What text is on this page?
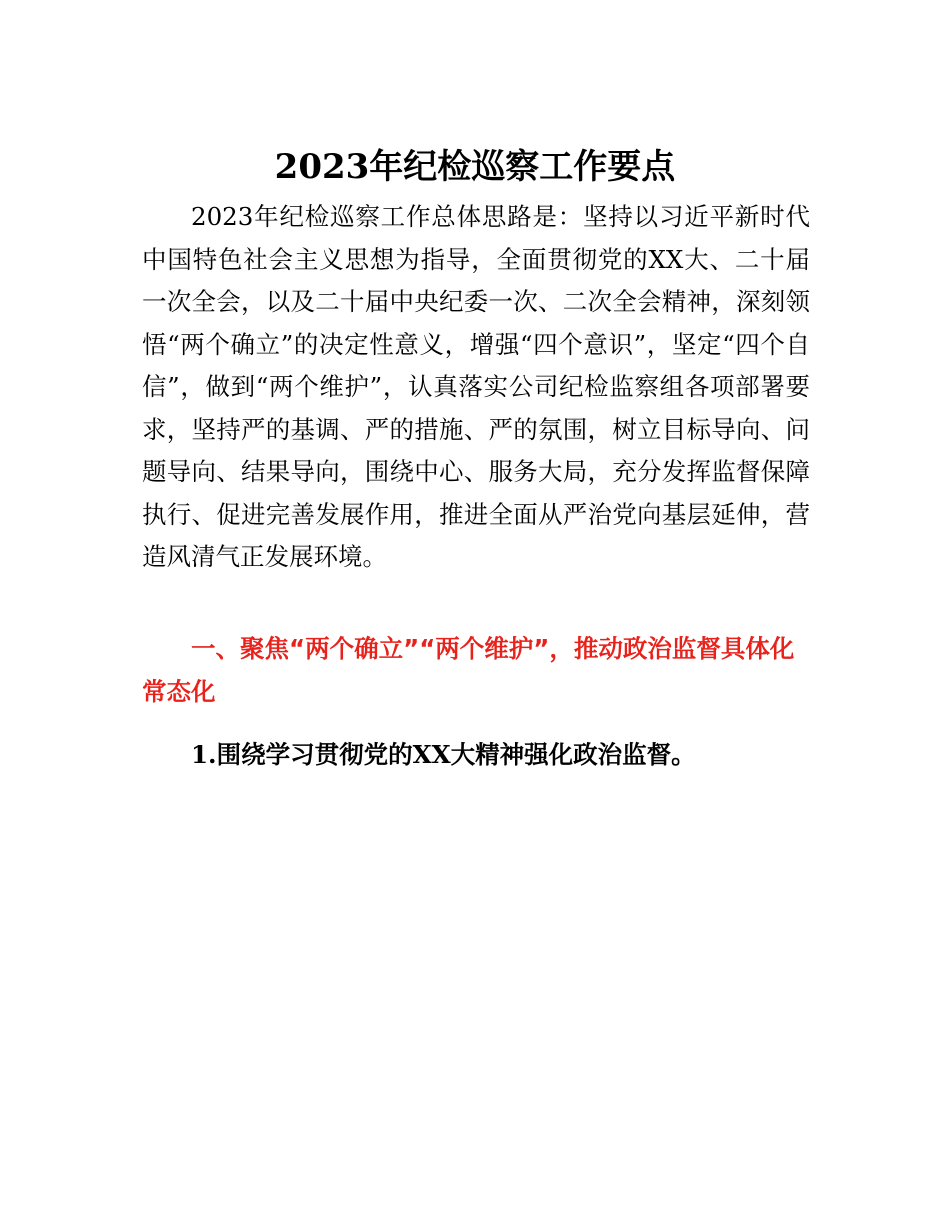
2023年纪检巡察工作要点

2023年纪检巡察工作总体思路是：坚持以习近平新时代中国特色社会主义思想为指导，全面贯彻党的XX大、二十届一次全会，以及二十届中央纪委一次、二次全会精神，深刻领悟“两个确立”的决定性意义，增强“四个意识”，坚定“四个自信”，做到“两个维护”，认真落实公司纪检监察组各项部署要求，坚持严的基调、严的措施、严的氛围，树立目标导向、问题导向、结果导向，围绕中心、服务大局，充分发挥监督保障执行、促进完善发展作用，推进全面从严治党向基层延伸，营造风清气正发展环境。

一、聚焦“两个确立”“两个维护”，推动政治监督具体化常态化

1.围绕学习贯彻党的XX大精神强化政治监督。
